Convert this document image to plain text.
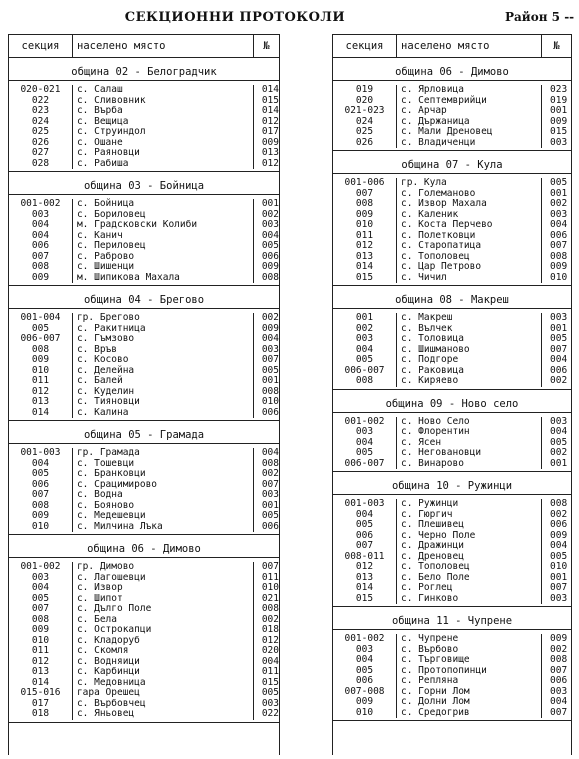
СЕКЦИОННИ ПРОТОКОЛИ	Район 5 --
секция	населено място	№
община 02 - Белоградчик
020-021	с. Салаш	014
022	с. Сливовник	015
023	с. Върба	014
024	с. Вещица	012
025	с. Струиндол	017
026	с. Ошане	009
027	с. Раяновци	013
028	с. Рабиша	012
община 03 - Бойница
001-002	с. Бойница	001
003	с. Бориловец	002
004	м. Градсковски Колиби	003
004	с. Канич	004
006	с. Периловец	005
007	с. Раброво	006
008	с. Шишенци	009
009	м. Шипикова Махала	008
община 04 - Брегово
001-004	гр. Брегово	002
005	с. Ракитница	009
006-007	с. Гъмзово	004
008	с. Връв	003
009	с. Косово	007
010	с. Делейна	005
011	с. Балей	001
012	с. Куделин	008
013	с. Тияновци	010
014	с. Калина	006
община 05 - Грамада
001-003	гр. Грамада	004
004	с. Тошевци	008
005	с. Бранковци	002
006	с. Срацимирово	007
007	с. Водна	003
008	с. Бояново	001
009	с. Медешевци	005
010	с. Милчина Лъка	006
община 06 - Димово
001-002	гр. Димово	007
003	с. Лагошевци	011
004	с. Извор	010
005	с. Шипот	021
007	с. Дълго Поле	008
008	с. Бела	002
009	с. Острокапци	018
010	с. Кладоруб	012
011	с. Скомля	020
012	с. Водняици	004
013	с. Карбинци	011
014	с. Медовница	015
015-016	гара Орешец	005
017	с. Върбовчец	003
018	с. Яньовец	022
секция	населено място	№
община 06 - Димово
019	с. Ярловица	023
020	с. Септемврийци	019
021-023	с. Арчар	001
024	с. Държаница	009
025	с. Мали Дреновец	015
026	с. Владиченци	003
община 07 - Кула
001-006	гр. Кула	005
007	с. Големаново	001
008	с. Извор Махала	002
009	с. Каленик	003
010	с. Коста Перчево	004
011	с. Полетковци	006
012	с. Старопатица	007
013	с. Тополовец	008
014	с. Цар Петрово	009
015	с. Чичил	010
община 08 - Макреш
001	с. Макреш	003
002	с. Вълчек	001
003	с. Толовица	005
004	с. Шишманово	007
005	с. Подгоре	004
006-007	с. Раковица	006
008	с. Киряево	002
община 09 - Ново село
001-002	с. Ново Село	003
003	с. Флорентин	004
004	с. Ясен	005
005	с. Неговановци	002
006-007	с. Винарово	001
община 10 - Ружинци
001-003	с. Ружинци	008
004	с. Гюргич	002
005	с. Плешивец	006
006	с. Черно Поле	009
007	с. Дражинци	004
008-011	с. Дреновец	005
012	с. Тополовец	010
013	с. Бело Поле	001
014	с. Роглец	007
015	с. Гинково	003
община 11 - Чупрене
001-002	с. Чупрене	009
003	с. Върбово	002
004	с. Търговище	008
005	с. Протопопинци	007
006	с. Репляна	006
007-008	с. Горни Лом	003
009	с. Долни Лом	004
010	с. Средогрив	007
